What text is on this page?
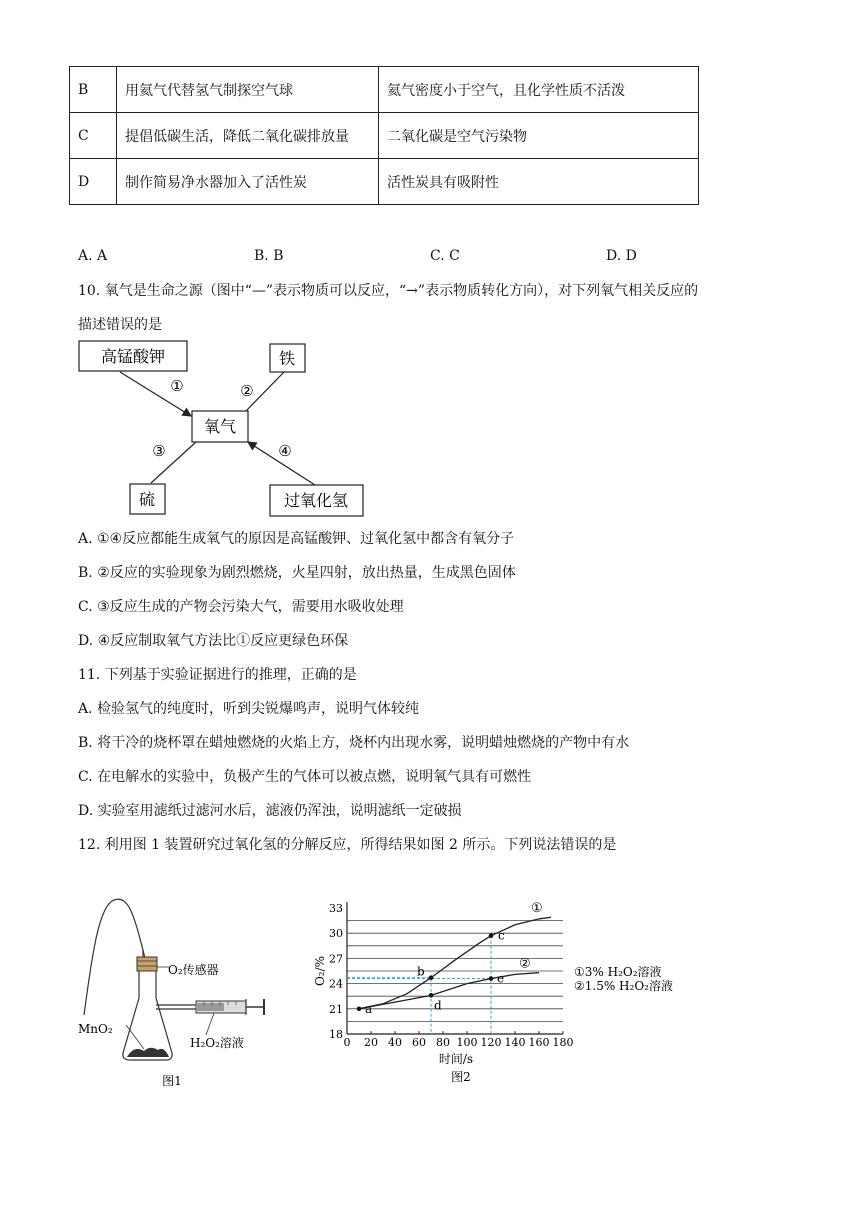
B	用氦气代替氢气制探空气球	氦气密度小于空气，且化学性质不活泼
C	提倡低碳生活，降低二氧化碳排放量	二氧化碳是空气污染物
D	制作简易净水器加入了活性炭	活性炭具有吸附性
A. A	B. B	C. C	D. D
10. 氧气是生命之源（图中“—”表示物质可以反应，“→”表示物质转化方向），对下列氧气相关反应的
描述错误的是
高锰酸钾	铁
氧气
硫	过氧化氢
①	②
③	④
A. ①④反应都能生成氧气的原因是高锰酸钾、过氧化氢中都含有氧分子
B. ②反应的实验现象为剧烈燃烧，火星四射，放出热量，生成黑色固体
C. ③反应生成的产物会污染大气，需要用水吸收处理
D. ④反应制取氧气方法比①反应更绿色环保
11. 下列基于实验证据进行的推理，正确的是
A. 检验氢气的纯度时，听到尖锐爆鸣声，说明气体较纯
B. 将干冷的烧杯罩在蜡烛燃烧的火焰上方，烧杯内出现水雾，说明蜡烛燃烧的产物中有水
C. 在电解水的实验中，负极产生的气体可以被点燃，说明氧气具有可燃性
D. 实验室用滤纸过滤河水后，滤液仍浑浊，说明滤纸一定破损
12. 利用图 1 装置研究过氧化氢的分解反应，所得结果如图 2 所示。下列说法错误的是
O₂传感器
MnO₂
H₂O₂溶液
图1
O₂/%
时间/s
图2
①3% H₂O₂溶液
②1.5% H₂O₂溶液
0 20 40 60 80 100 120 140 160 180
18
21
24
27
30
33	①
②
a
b
c
d
e
